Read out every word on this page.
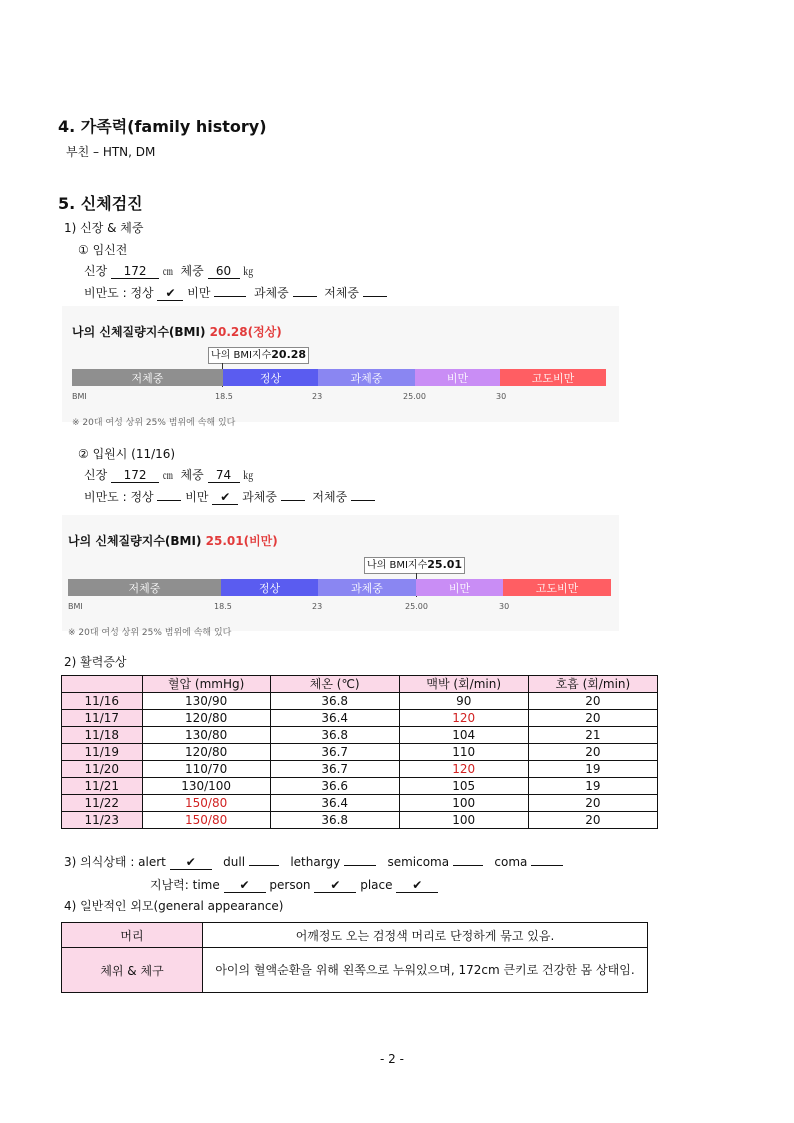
4. 가족력(family history)
부친 – HTN, DM
5. 신체검진
1) 신장 & 체중
① 임신전
신장 172 ㎝ 체중 60 ㎏
비만도 : 정상 ✔ 비만	과체중	저체중
나의 신체질량지수(BMI) 20.28(정상)
나의 BMI지수20.28
저체중	정상	과체중	비만	고도비만
BMI	18.5	23	25.00	30
※ 20대 여성 상위 25% 범위에 속해 있다
② 입원시 (11/16)
신장 172 ㎝ 체중 74 ㎏
비만도 : 정상	비만 ✔ 과체중	저체중
나의 신체질량지수(BMI) 25.01(비만)
나의 BMI지수25.01
저체중	정상	과체중	비만	고도비만
BMI	18.5	23	25.00	30
※ 20대 여성 상위 25% 범위에 속해 있다
2) 활력증상
	혈압 (mmHg)	체온 (℃)	맥박 (회/min)	호흡 (회/min)
11/16	130/90	36.8	90	20
11/17	120/80	36.4	120	20
11/18	130/80	36.8	104	21
11/19	120/80	36.7	110	20
11/20	110/70	36.7	120	19
11/21	130/100	36.6	105	19
11/22	150/80	36.4	100	20
11/23	150/80	36.8	100	20
3) 의식상태 : alert ✔ dull	lethargy	semicoma	coma
지남력: time ✔ person ✔ place ✔
4) 일반적인 외모(general appearance)
머리	어깨정도 오는 검정색 머리로 단정하게 묶고 있음.
체위 & 체구	아이의 혈액순환을 위해 왼쪽으로 누워있으며, 172cm 큰키로 건강한 몸 상태임.
- 2 -
